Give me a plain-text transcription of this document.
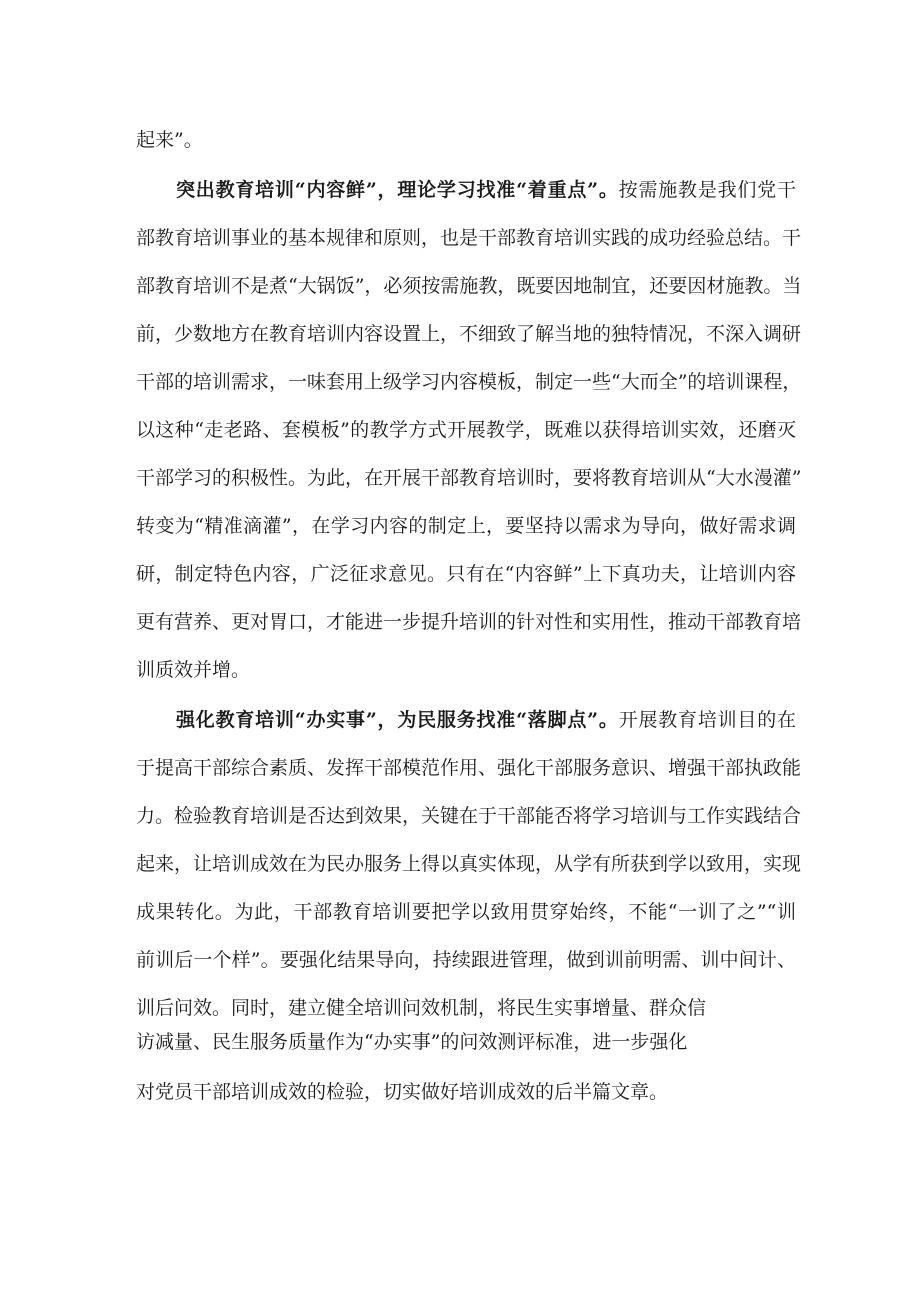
起来”。
突出教育培训“内容鲜”，理论学习找准“着重点”。按需施教是我们党干
部教育培训事业的基本规律和原则，也是干部教育培训实践的成功经验总结。干
部教育培训不是煮“大锅饭”，必须按需施教，既要因地制宜，还要因材施教。当
前，少数地方在教育培训内容设置上，不细致了解当地的独特情况，不深入调研
干部的培训需求，一味套用上级学习内容模板，制定一些“大而全”的培训课程，
以这种“走老路、套模板”的教学方式开展教学，既难以获得培训实效，还磨灭
干部学习的积极性。为此，在开展干部教育培训时，要将教育培训从“大水漫灌”
转变为“精准滴灌”，在学习内容的制定上，要坚持以需求为导向，做好需求调
研，制定特色内容，广泛征求意见。只有在“内容鲜”上下真功夫，让培训内容
更有营养、更对胃口，才能进一步提升培训的针对性和实用性，推动干部教育培
训质效并增。
强化教育培训“办实事”，为民服务找准“落脚点”。开展教育培训目的在
于提高干部综合素质、发挥干部模范作用、强化干部服务意识、增强干部执政能
力。检验教育培训是否达到效果，关键在于干部能否将学习培训与工作实践结合
起来，让培训成效在为民办服务上得以真实体现，从学有所获到学以致用，实现
成果转化。为此，干部教育培训要把学以致用贯穿始终，不能“一训了之”“训
前训后一个样”。要强化结果导向，持续跟进管理，做到训前明需、训中间计、
训后问效。同时，建立健全培训问效机制，将民生实事增量、群众信
访减量、民生服务质量作为“办实事”的问效测评标准，进一步强化
对党员干部培训成效的检验，切实做好培训成效的后半篇文章。
